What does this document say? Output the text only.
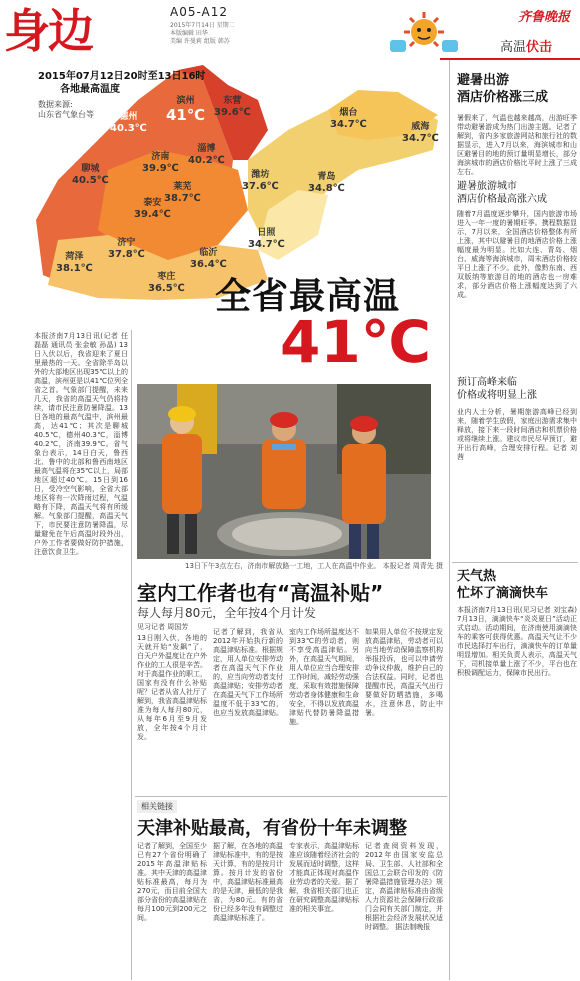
身边	A05-A12
2015年7月14日 星期二
本版编辑 田华
美编 许曼莉 组版 韩苏
齐鲁晚报
高温伏击
2015年07月12日20时至13日16时
各地最高温度
数据来源:
山东省气象台等
滨州
41℃
东营
39.6℃
德州
40.3℃
烟台
34.7℃	威海
34.7℃
聊城
40.5℃
济南
39.9℃
淄博
40.2℃
潍坊
37.6℃
青岛
34.8℃
莱芜
38.7℃
泰安
39.4℃
济宁
37.8℃
日照
34.7℃
菏泽
38.1℃
临沂
36.4℃
枣庄
36.5℃ 全省最高温
41℃
避暑出游
酒店价格涨三成
暑假来了，气温也越来越高，出游旺季带动避暑游成为热门出游主题。记者了解到，省内多家旅游网站和旅行社的数据显示，进入7月以来，海滨城市和山区避暑目的地的预订量明显增长，部分海滨城市的酒店价格比平时上涨了三成左右。
避暑旅游城市
酒店价格最高涨六成
随着7月温度逐步攀升，国内旅游市场进入一年一度的暑期旺季。携程数据显示，7月以来，全国酒店价格整体有所上涨，其中以避暑目的地酒店价格上涨幅度最为明显。比如大连、青岛、烟台、威海等海滨城市，周末酒店价格较平日上涨了不少。此外，像黔东南、西双版纳等旅游目的地的酒店也一房难求，部分酒店价格上涨幅度达到了六成。
预订高峰来临
价格或将明显上涨
业内人士分析，暑期旅游高峰已经到来，随着学生放假，家庭出游需求集中释放，接下来一段时间酒店和机票价格或将继续上涨。建议市民尽早预订，避开出行高峰，合理安排行程。记者 刘茜
天气热
忙坏了滴滴快车
本报济南7月13日讯(见习记者 刘宝森) 7月13日，滴滴快车“炎炎夏日”活动正式启动。活动期间，在济南使用滴滴快车的乘客可获得优惠。高温天气让不少市民选择打车出行，滴滴快车的订单量明显增加。相关负责人表示，高温天气下，司机接单量上涨了不少，平台也在积极调配运力，保障市民出行。
本报济南7月13日讯(记者 任磊磊 通讯员 张金敏 孙晶) 13日入伏以后，我省迎来了夏日里最热的一天。全省除半岛以外的大部地区出现35℃以上的高温，滨州更是以41℃位列全省之首。气象部门提醒，未来几天，我省的高温天气仍将持续，请市民注意防暑降温。13日各地的最高气温中，滨州最高，达41℃；其次是聊城40.5℃，德州40.3℃，淄博40.2℃，济南39.9℃。省气象台表示，14日白天，鲁西北、鲁中的北部和鲁西南地区最高气温将在35℃以上，局部地区超过40℃。15日到16日，受冷空气影响，全省大部地区将有一次降雨过程，气温略有下降，高温天气将有所缓解。气象部门提醒，高温天气下，市民要注意防暑降温，尽量避免在午后高温时段外出，户外工作者要做好防护措施，注意饮食卫生。
13日下午3点左右，济南市解放路一工地，工人在高温中作业。 本报记者 周青先 摄
室内工作者也有“高温补贴”
每人每月80元，全年按4个月计发
见习记者 周国芳
13日刚入伏，各地的天就开始“发飙”了，白天户外温度让在户外作业的工人很是辛苦。对于高温作业的职工，国家有没有什么补贴呢？记者从省人社厅了解到，我省高温津贴标准为每人每月80元，从每年6月至9月发放，全年按4个月计发。
记者了解到，我省从2012年开始执行新的高温津贴标准。根据规定，用人单位安排劳动者在高温天气下作业的，应当向劳动者支付高温津贴；安排劳动者在高温天气下工作场所温度不低于33℃的，也应当发放高温津贴。
室内工作场所温度达不到33℃的劳动者，则不享受高温津贴。另外，在高温天气期间，用人单位应当合理安排工作时间，减轻劳动强度，采取有效措施保障劳动者身体健康和生命安全，不得以发放高温津贴代替防暑降温措施。
如果用人单位不按规定发放高温津贴，劳动者可以向当地劳动保障监察机构举报投诉，也可以申请劳动争议仲裁，维护自己的合法权益。同时，记者也提醒市民，高温天气出行要做好防晒措施，多喝水，注意休息，防止中暑。
相关链接
天津补贴最高，有省份十年未调整
记者了解到，全国至少已有27个省份明确了2015年高温津贴标准。其中天津的高温津贴标准最高，每月为270元，而目前全国大部分省份的高温津贴在每月100元到200元之间。
据了解，在各地的高温津贴标准中，有的是按天计算，有的是按月计算。按月计发的省份中，高温津贴标准最高的是天津，最低的是我省，为80元。有的省份已经多年没有调整过高温津贴标准了。
专家表示，高温津贴标准应该随着经济社会的发展而适时调整，这样才能真正体现对高温作业劳动者的关爱。据了解，我省相关部门也正在研究调整高温津贴标准的相关事宜。
记者查阅资料发现，2012年由国家安监总局、卫生部、人社部和全国总工会联合印发的《防暑降温措施管理办法》规定，高温津贴标准由省级人力资源社会保障行政部门会同有关部门制定，并根据社会经济发展状况适时调整。 据法制晚报
